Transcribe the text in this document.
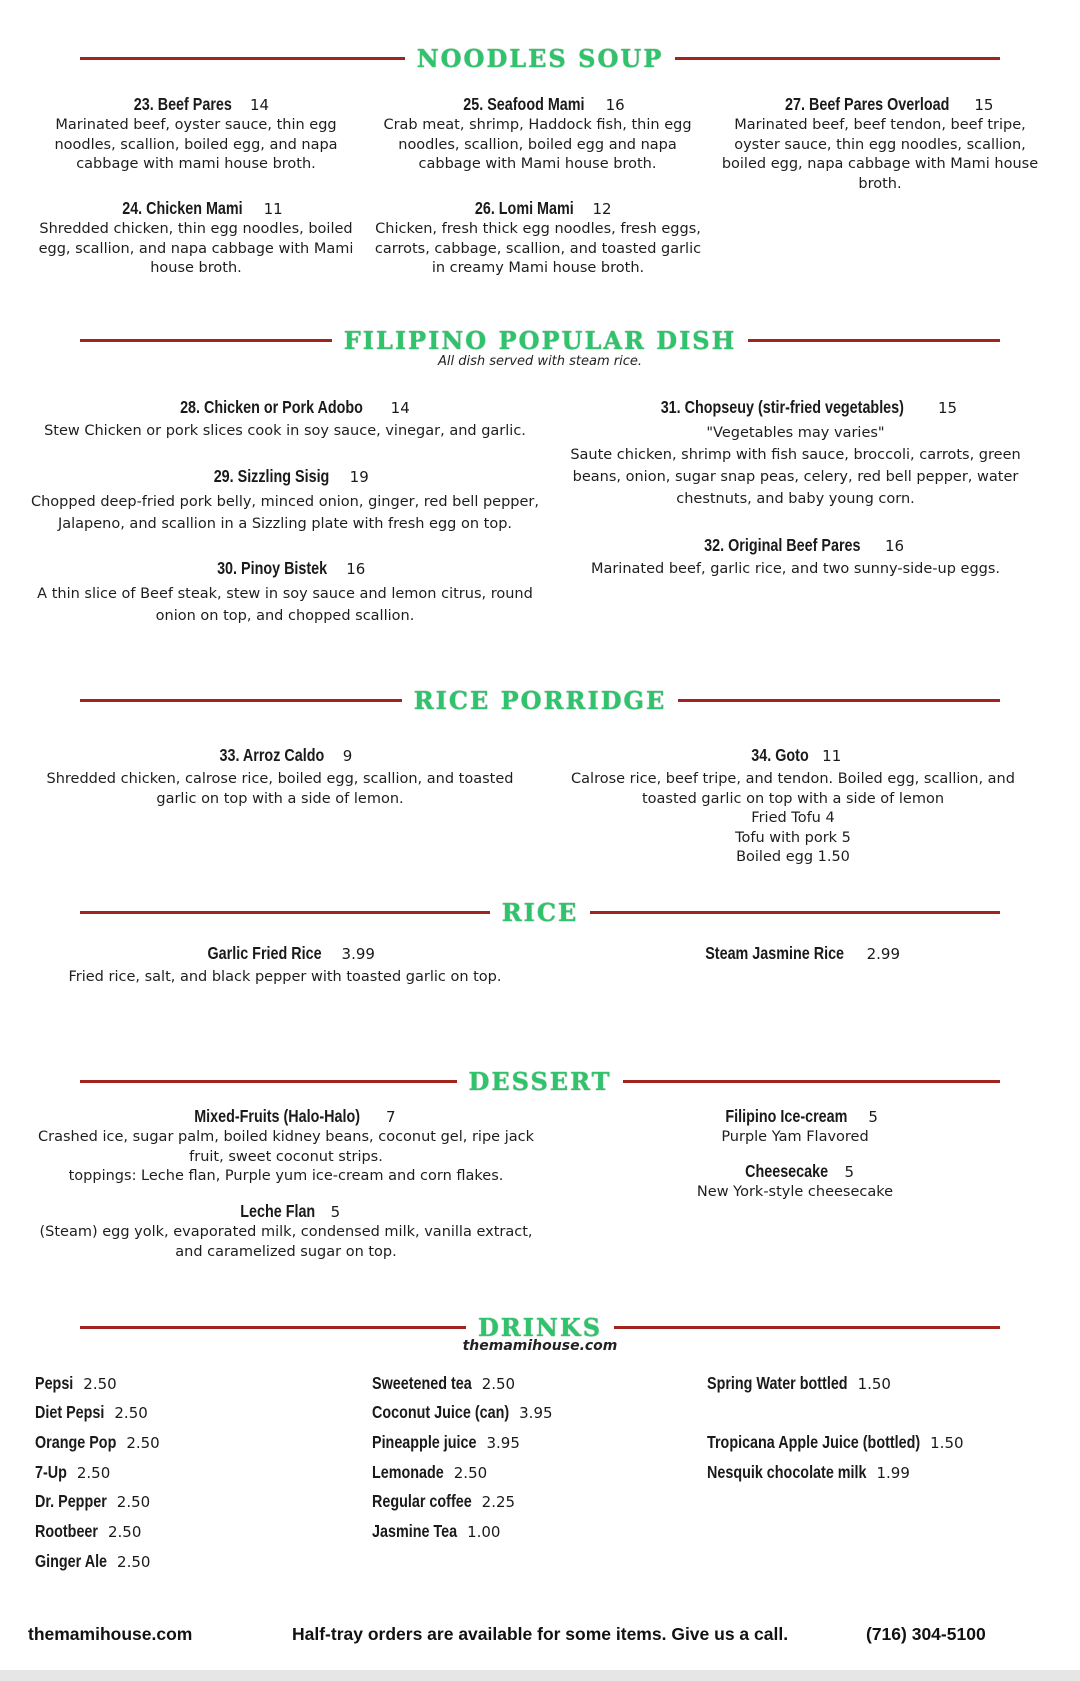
NOODLES SOUP
23. Beef Pares 14
Marinated beef, oyster sauce, thin egg noodles, scallion, boiled egg, and napa cabbage with mami house broth.
25. Seafood Mami 16
Crab meat, shrimp, Haddock fish, thin egg noodles, scallion, boiled egg and napa cabbage with Mami house broth.
27. Beef Pares Overload 15
Marinated beef, beef tendon, beef tripe, oyster sauce, thin egg noodles, scallion, boiled egg, napa cabbage with Mami house broth.
24. Chicken Mami 11
Shredded chicken, thin egg noodles, boiled egg, scallion, and napa cabbage with Mami house broth.
26. Lomi Mami 12
Chicken, fresh thick egg noodles, fresh eggs, carrots, cabbage, scallion, and toasted garlic in creamy Mami house broth.
FILIPINO POPULAR DISH
All dish served with steam rice.
28. Chicken or Pork Adobo 14
Stew Chicken or pork slices cook in soy sauce, vinegar, and garlic.
29. Sizzling Sisig 19
Chopped deep-fried pork belly, minced onion, ginger, red bell pepper, Jalapeno, and scallion in a Sizzling plate with fresh egg on top.
30. Pinoy Bistek 16
A thin slice of Beef steak, stew in soy sauce and lemon citrus, round onion on top, and chopped scallion.
31. Chopseuy (stir-fried vegetables) 15
"Vegetables may varies"
Saute chicken, shrimp with fish sauce, broccoli, carrots, green beans, onion, sugar snap peas, celery, red bell pepper, water chestnuts, and baby young corn.
32. Original Beef Pares 16
Marinated beef, garlic rice, and two sunny-side-up eggs.
RICE PORRIDGE
33. Arroz Caldo 9
Shredded chicken, calrose rice, boiled egg, scallion, and toasted garlic on top with a side of lemon.
34. Goto 11
Calrose rice, beef tripe, and tendon. Boiled egg, scallion, and toasted garlic on top with a side of lemon
Fried Tofu 4
Tofu with pork 5
Boiled egg 1.50
RICE
Garlic Fried Rice 3.99
Fried rice, salt, and black pepper with toasted garlic on top.
Steam Jasmine Rice 2.99
DESSERT
Mixed-Fruits (Halo-Halo) 7
Crashed ice, sugar palm, boiled kidney beans, coconut gel, ripe jack fruit, sweet coconut strips.
toppings: Leche flan, Purple yum ice-cream and corn flakes.
Leche Flan 5
(Steam) egg yolk, evaporated milk, condensed milk, vanilla extract, and caramelized sugar on top.
Filipino Ice-cream 5
Purple Yam Flavored
Cheesecake 5
New York-style cheesecake
DRINKS
themamihouse.com
Pepsi 2.50
Diet Pepsi 2.50
Orange Pop 2.50
7-Up 2.50
Dr. Pepper 2.50
Rootbeer 2.50
Ginger Ale 2.50
Sweetened tea 2.50
Coconut Juice (can) 3.95
Pineapple juice 3.95
Lemonade 2.50
Regular coffee 2.25
Jasmine Tea 1.00
Spring Water bottled 1.50
Tropicana Apple Juice (bottled) 1.50
Nesquik chocolate milk 1.99
themamihouse.com	Half-tray orders are available for some items. Give us a call.	(716) 304-5100
